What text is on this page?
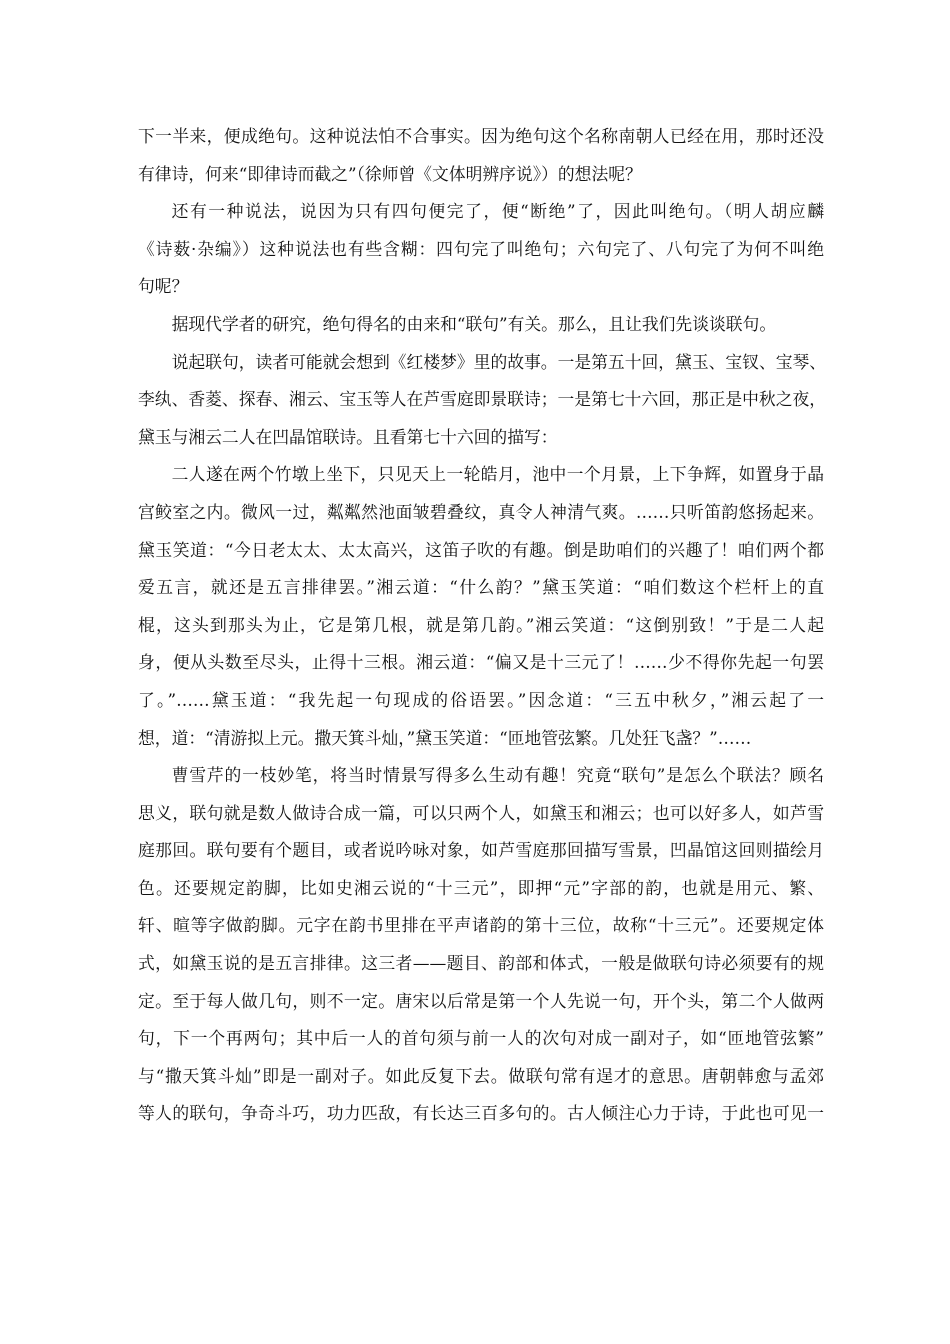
下一半来，便成绝句。这种说法怕不合事实。因为绝句这个名称南朝人已经在用，那时还没
有律诗，何来“即律诗而截之”（徐师曾《文体明辨序说》）的想法呢？
还有一种说法，说因为只有四句便完了，便“断绝”了，因此叫绝句。（明人胡应麟
《诗薮·杂编》）这种说法也有些含糊：四句完了叫绝句；六句完了、八句完了为何不叫绝
句呢？
据现代学者的研究，绝句得名的由来和“联句”有关。那么，且让我们先谈谈联句。
说起联句，读者可能就会想到《红楼梦》里的故事。一是第五十回，黛玉、宝钗、宝琴、
李纨、香菱、探春、湘云、宝玉等人在芦雪庭即景联诗；一是第七十六回，那正是中秋之夜，
黛玉与湘云二人在凹晶馆联诗。且看第七十六回的描写：
二人遂在两个竹墩上坐下，只见天上一轮皓月，池中一个月景，上下争辉，如置身于晶
宫鲛室之内。微风一过，粼粼然池面皱碧叠纹，真令人神清气爽。……只听笛韵悠扬起来。
黛玉笑道：“今日老太太、太太高兴，这笛子吹的有趣。倒是助咱们的兴趣了！咱们两个都
爱五言，就还是五言排律罢。”湘云道：“什么韵？”黛玉笑道：“咱们数这个栏杆上的直
棍，这头到那头为止，它是第几根，就是第几韵。”湘云笑道：“这倒别致！”于是二人起
身，便从头数至尽头，止得十三根。湘云道：“偏又是十三元了！……少不得你先起一句罢
了。”……黛玉道：“我先起一句现成的俗语罢。”因念道：“三五中秋夕，”湘云起了一
想，道：“清游拟上元。撒天箕斗灿，”黛玉笑道：“匝地管弦繁。几处狂飞盏？”……
曹雪芹的一枝妙笔，将当时情景写得多么生动有趣！究竟“联句”是怎么个联法？顾名
思义，联句就是数人做诗合成一篇，可以只两个人，如黛玉和湘云；也可以好多人，如芦雪
庭那回。联句要有个题目，或者说吟咏对象，如芦雪庭那回描写雪景，凹晶馆这回则描绘月
色。还要规定韵脚，比如史湘云说的“十三元”，即押“元”字部的韵，也就是用元、繁、
轩、暄等字做韵脚。元字在韵书里排在平声诸韵的第十三位，故称“十三元”。还要规定体
式，如黛玉说的是五言排律。这三者——题目、韵部和体式，一般是做联句诗必须要有的规
定。至于每人做几句，则不一定。唐宋以后常是第一个人先说一句，开个头，第二个人做两
句，下一个再两句；其中后一人的首句须与前一人的次句对成一副对子，如“匝地管弦繁”
与“撒天箕斗灿”即是一副对子。如此反复下去。做联句常有逞才的意思。唐朝韩愈与孟郊
等人的联句，争奇斗巧，功力匹敌，有长达三百多句的。古人倾注心力于诗，于此也可见一
